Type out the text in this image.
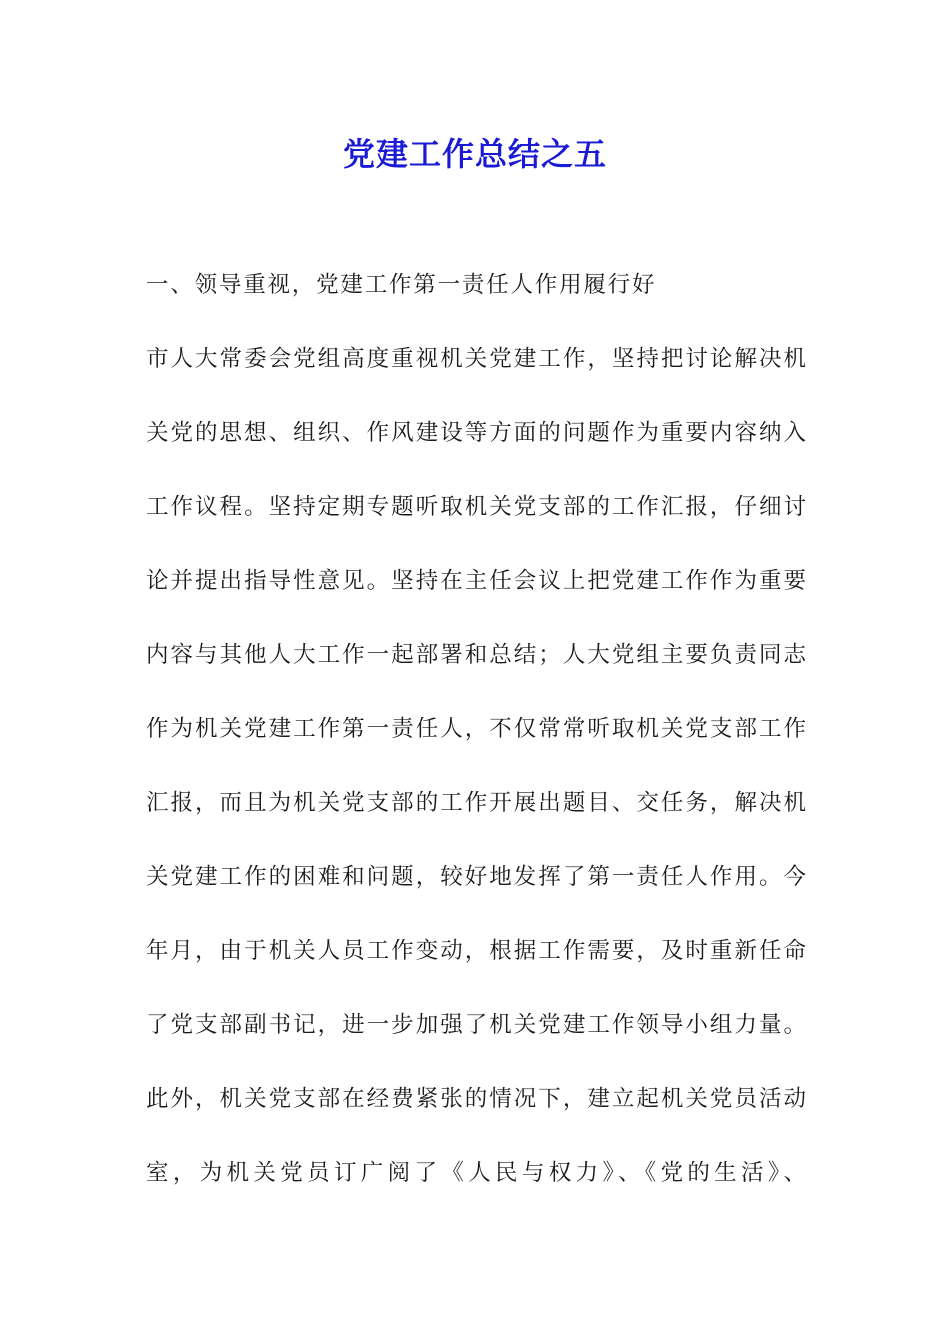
党建工作总结之五
一、领导重视，党建工作第一责任人作用履行好
市人大常委会党组高度重视机关党建工作，坚持把讨论解决机
关党的思想、组织、作风建设等方面的问题作为重要内容纳入
工作议程。坚持定期专题听取机关党支部的工作汇报，仔细讨
论并提出指导性意见。坚持在主任会议上把党建工作作为重要
内容与其他人大工作一起部署和总结；人大党组主要负责同志
作为机关党建工作第一责任人，不仅常常听取机关党支部工作
汇报，而且为机关党支部的工作开展出题目、交任务，解决机
关党建工作的困难和问题，较好地发挥了第一责任人作用。今
年月，由于机关人员工作变动，根据工作需要，及时重新任命
了党支部副书记，进一步加强了机关党建工作领导小组力量。
此外，机关党支部在经费紧张的情况下，建立起机关党员活动
室，为机关党员订广阅了《人民与权力》、《党的生活》、
